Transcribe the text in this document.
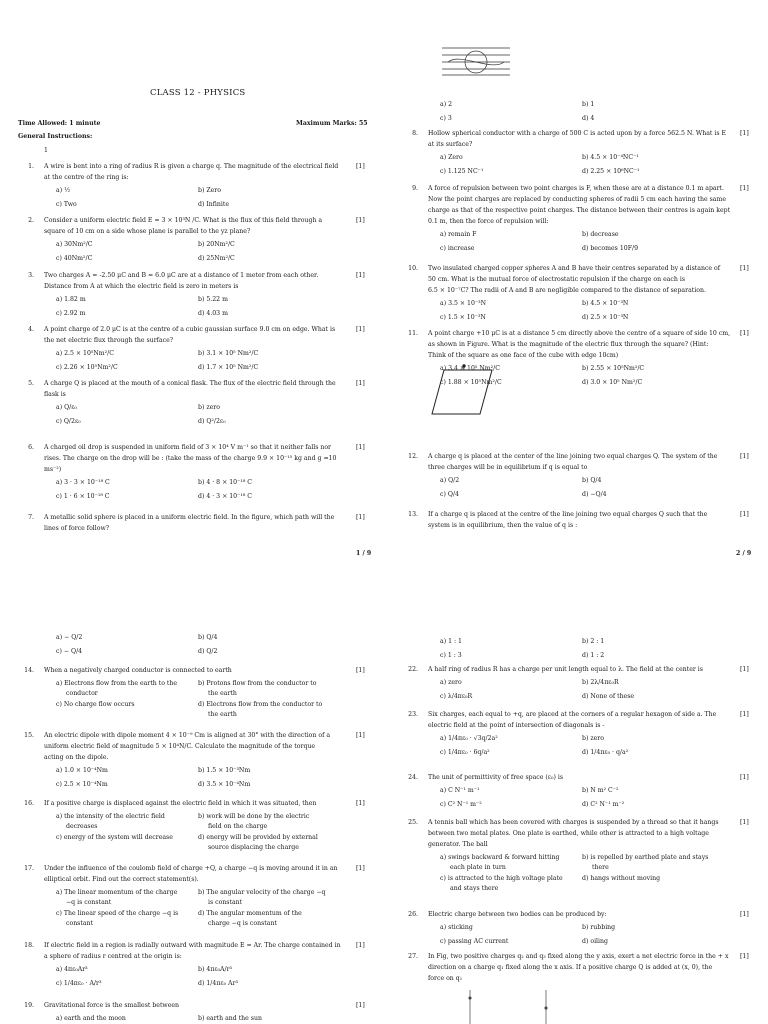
CLASS 12 - PHYSICS
Time Allowed: 1 minute	Maximum Marks: 55
General Instructions:
1
1 / 9	2 / 9
1. A wire is bent into a ring of radius R is given a charge q. The magnitude of the electrical field
at the centre of the ring is:
[1]
a) ½	b) Zero
c) Two	d) Infinite
2. Consider a uniform electric field E = 3 × 10³N /C. What is the flux of this field through a
square of 10 cm on a side whose plane is parallel to the yz plane?
[1]
a) 30Nm²/C	b) 20Nm²/C
c) 40Nm²/C	d) 25Nm²/C
3. Two charges A = -2.50 μC and B = 6.0 μC are at a distance of 1 meter from each other.
Distance from A at which the electric field is zero in meters is
[1]
a) 1.82 m	b) 5.22 m
c) 2.92 m	d) 4.03 m
4. A point charge of 2.0 μC is at the centre of a cubic gaussian surface 9.0 cm on edge. What is
the net electric flux through the surface?
[1]
a) 2.5 × 10⁵Nm²/C	b) 3.1 × 10⁵ Nm²/C
c) 2.26 × 10⁵Nm²/C	d) 1.7 × 10⁵ Nm²/C
5. A charge Q is placed at the mouth of a conical flask. The flux of the electric field through the
flask is
[1]
a) Q/ε₀	b) zero
c) Q/2ε₀	d) Q²/2ε₀
6. A charged oil drop is suspended in uniform field of 3 × 10⁴ V m⁻¹ so that it neither falls nor
rises. The charge on the drop will be : (take the mass of the charge 9.9 × 10⁻¹⁵ kg and g =10
ms⁻²)
[1]
a) 3 · 3 × 10⁻¹⁸ C	b) 4 · 8 × 10⁻¹⁸ C
c) 1 · 6 × 10⁻¹⁸ C	d) 4 · 3 × 10⁻¹⁸ C
7. A metallic solid sphere is placed in a uniform electric field. In the figure, which path will the
lines of force follow?
[1]
a) 2	b) 1
c) 3	d) 4
8. Hollow spherical conductor with a charge of 500 C is acted upon by a force 562.5 N. What is E
at its surface?
[1]
a) Zero	b) 4.5 × 10⁻⁴NC⁻¹
c) 1.125 NC⁻¹	d) 2.25 × 10⁶NC⁻¹
9. A force of repulsion between two point charges is F, when these are at a distance 0.1 m apart.
Now the point charges are replaced by conducting spheres of radii 5 cm each having the same
charge as that of the respective point charges. The distance between their centres is again kept
0.1 m, then the force of repulsion will:
[1]
a) remain F	b) decrease
c) increase	d) becomes 10F/9
10. Two insulated charged copper spheres A and B have their centres separated by a distance of
50 cm. What is the mutual force of electrostatic repulsion if the charge on each is
6.5 × 10⁻⁷C? The radii of A and B are negligible compared to the distance of separation.
[1]
a) 3.5 × 10⁻³N	b) 4.5 × 10⁻³N
c) 1.5 × 10⁻³N	d) 2.5 × 10⁻³N
11. A point charge +10 μC is at a distance 5 cm directly above the centre of a square of side 10 cm,
as shown in Figure. What is the magnitude of the electric flux through the square? (Hint:
Think of the square as one face of the cube with edge 10cm)
[1]
a) 3.4 × 10⁵ Nm²/C	b) 2.55 × 10⁵Nm²/C
c) 1.88 × 10⁵Nm²/C	d) 3.0 × 10⁵ Nm²/C
12. A charge q is placed at the center of the line joining two equal charges Q. The system of the
three charges will be in equilibrium if q is equal to
[1]
a) Q/2	b) Q/4
c) Q/4	d) −Q/4
13. If a charge q is placed at the centre of the line joining two equal charges Q such that the
system is in equilibrium, then the value of q is :
[1]
a) − Q/2	b) Q/4
c) − Q/4	d) Q/2
14. When a negatively charged conductor is connected to earth	[1]
a) Electrons flow from the earth to the
conductor
b) Protons flow from the conductor to
the earth
c) No charge flow occurs	d) Electrons flow from the conductor to
the earth
15. An electric dipole with dipole moment 4 × 10⁻⁹ Cm is aligned at 30° with the direction of a
uniform electric field of magnitude 5 × 10⁴N/C. Calculate the magnitude of the torque
acting on the dipole.
[1]
a) 1.0 × 10⁻⁴Nm	b) 1.5 × 10⁻³Nm
c) 2.5 × 10⁻⁴Nm	d) 3.5 × 10⁻⁴Nm
16. If a positive charge is displaced against the electric field in which it was situated, then	[1]
a) the intensity of the electric field
decreases
b) work will be done by the electric
field on the charge
c) energy of the system will decrease	d) energy will be provided by external
source displacing the charge
17. Under the influence of the coulomb field of charge +Q, a charge −q is moving around it in an
elliptical orbit. Find out the correct statement(s).
[1]
a) The linear momentum of the charge
−q is constant
b) The angular velocity of the charge −q
is constant
c) The linear speed of the charge −q is
constant
d) The angular momentum of the
charge −q is constant
18. If electric field in a region is radially outward with magnitude E = Ar. The charge contained in
a sphere of radius r centred at the origin is:
[1]
a) 4πε₀Ar³	b) 4πε₀A/r³
c) 1/4πε₀ · A/r³	d) 1/4πε₀ Ar³
19. Gravitational force is the smallest between	[1]
a) earth and the moon	b) earth and the sun
a) 1 : 1	b) 2 : 1
c) 1 : 3	d) 1 : 2
22. A half ring of radius R has a charge per unit length equal to λ. The field at the center is	[1]
a) zero	b) 2λ/4πε₀R
c) λ/4πε₀R	d) None of these
23. Six charges, each equal to +q, are placed at the corners of a regular hexagon of side a. The
electric field at the point of intersection of diagonals is -
[1]
a) 1/4πε₀ · √3q/2a²	b) zero
c) 1/4πε₀ · 6q/a²	d) 1/4πε₀ · q/a²
24. The unit of permittivity of free space (ε₀) is	[1]
a) C N⁻¹ m⁻¹	b) N m² C⁻²
c) C² N⁻¹ m⁻²	d) C² N⁻¹ m⁻²
25. A tennis ball which has been covered with charges is suspended by a thread so that it hangs
between two metal plates. One plate is earthed, while other is attracted to a high voltage
generator. The ball
[1]
a) swings backward & forward hitting
each plate in turn
b) is repelled by earthed plate and stays
there
c) is attracted to the high voltage plate
and stays there
d) hangs without moving
26. Electric charge between two bodies can be produced by:	[1]
a) sticking	b) rubbing
c) passing AC current	d) oiling
27. In Fig, two positive charges q₂ and q₃ fixed along the y axis, exert a net electric force in the + x
direction on a charge q₁ fixed along the x axis. If a positive charge Q is added at (x, 0), the
force on q₁
[1]
